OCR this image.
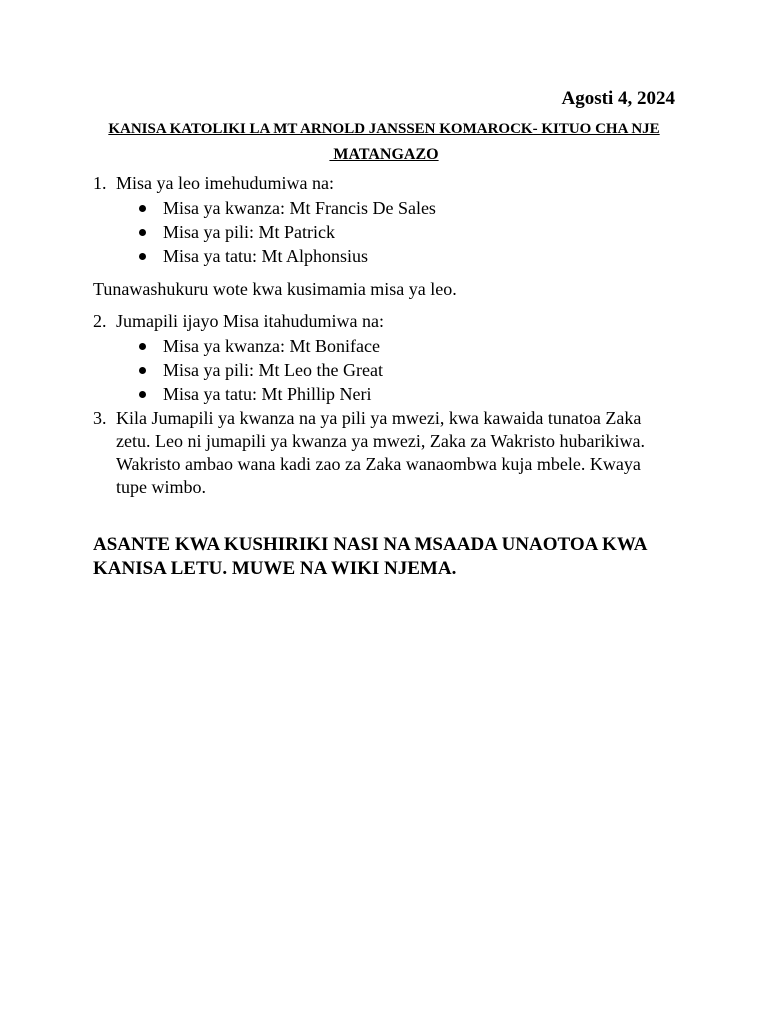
Agosti 4, 2024

KANISA KATOLIKI LA MT ARNOLD JANSSEN KOMAROCK- KITUO CHA NJE

MATANGAZO

1. Misa ya leo imehudumiwa na:
Misa ya kwanza: Mt Francis De Sales
Misa ya pili: Mt Patrick
Misa ya tatu: Mt Alphonsius

Tunawashukuru wote kwa kusimamia misa ya leo.

2. Jumapili ijayo Misa itahudumiwa na:
Misa ya kwanza: Mt Boniface
Misa ya pili: Mt Leo the Great
Misa ya tatu: Mt Phillip Neri
3. Kila Jumapili ya kwanza na ya pili ya mwezi, kwa kawaida tunatoa Zaka zetu. Leo ni jumapili ya kwanza ya mwezi, Zaka za Wakristo hubarikiwa. Wakristo ambao wana kadi zao za Zaka wanaombwa kuja mbele. Kwaya tupe wimbo.

ASANTE KWA KUSHIRIKI NASI NA MSAADA UNAOTOA KWA KANISA LETU. MUWE NA WIKI NJEMA.
